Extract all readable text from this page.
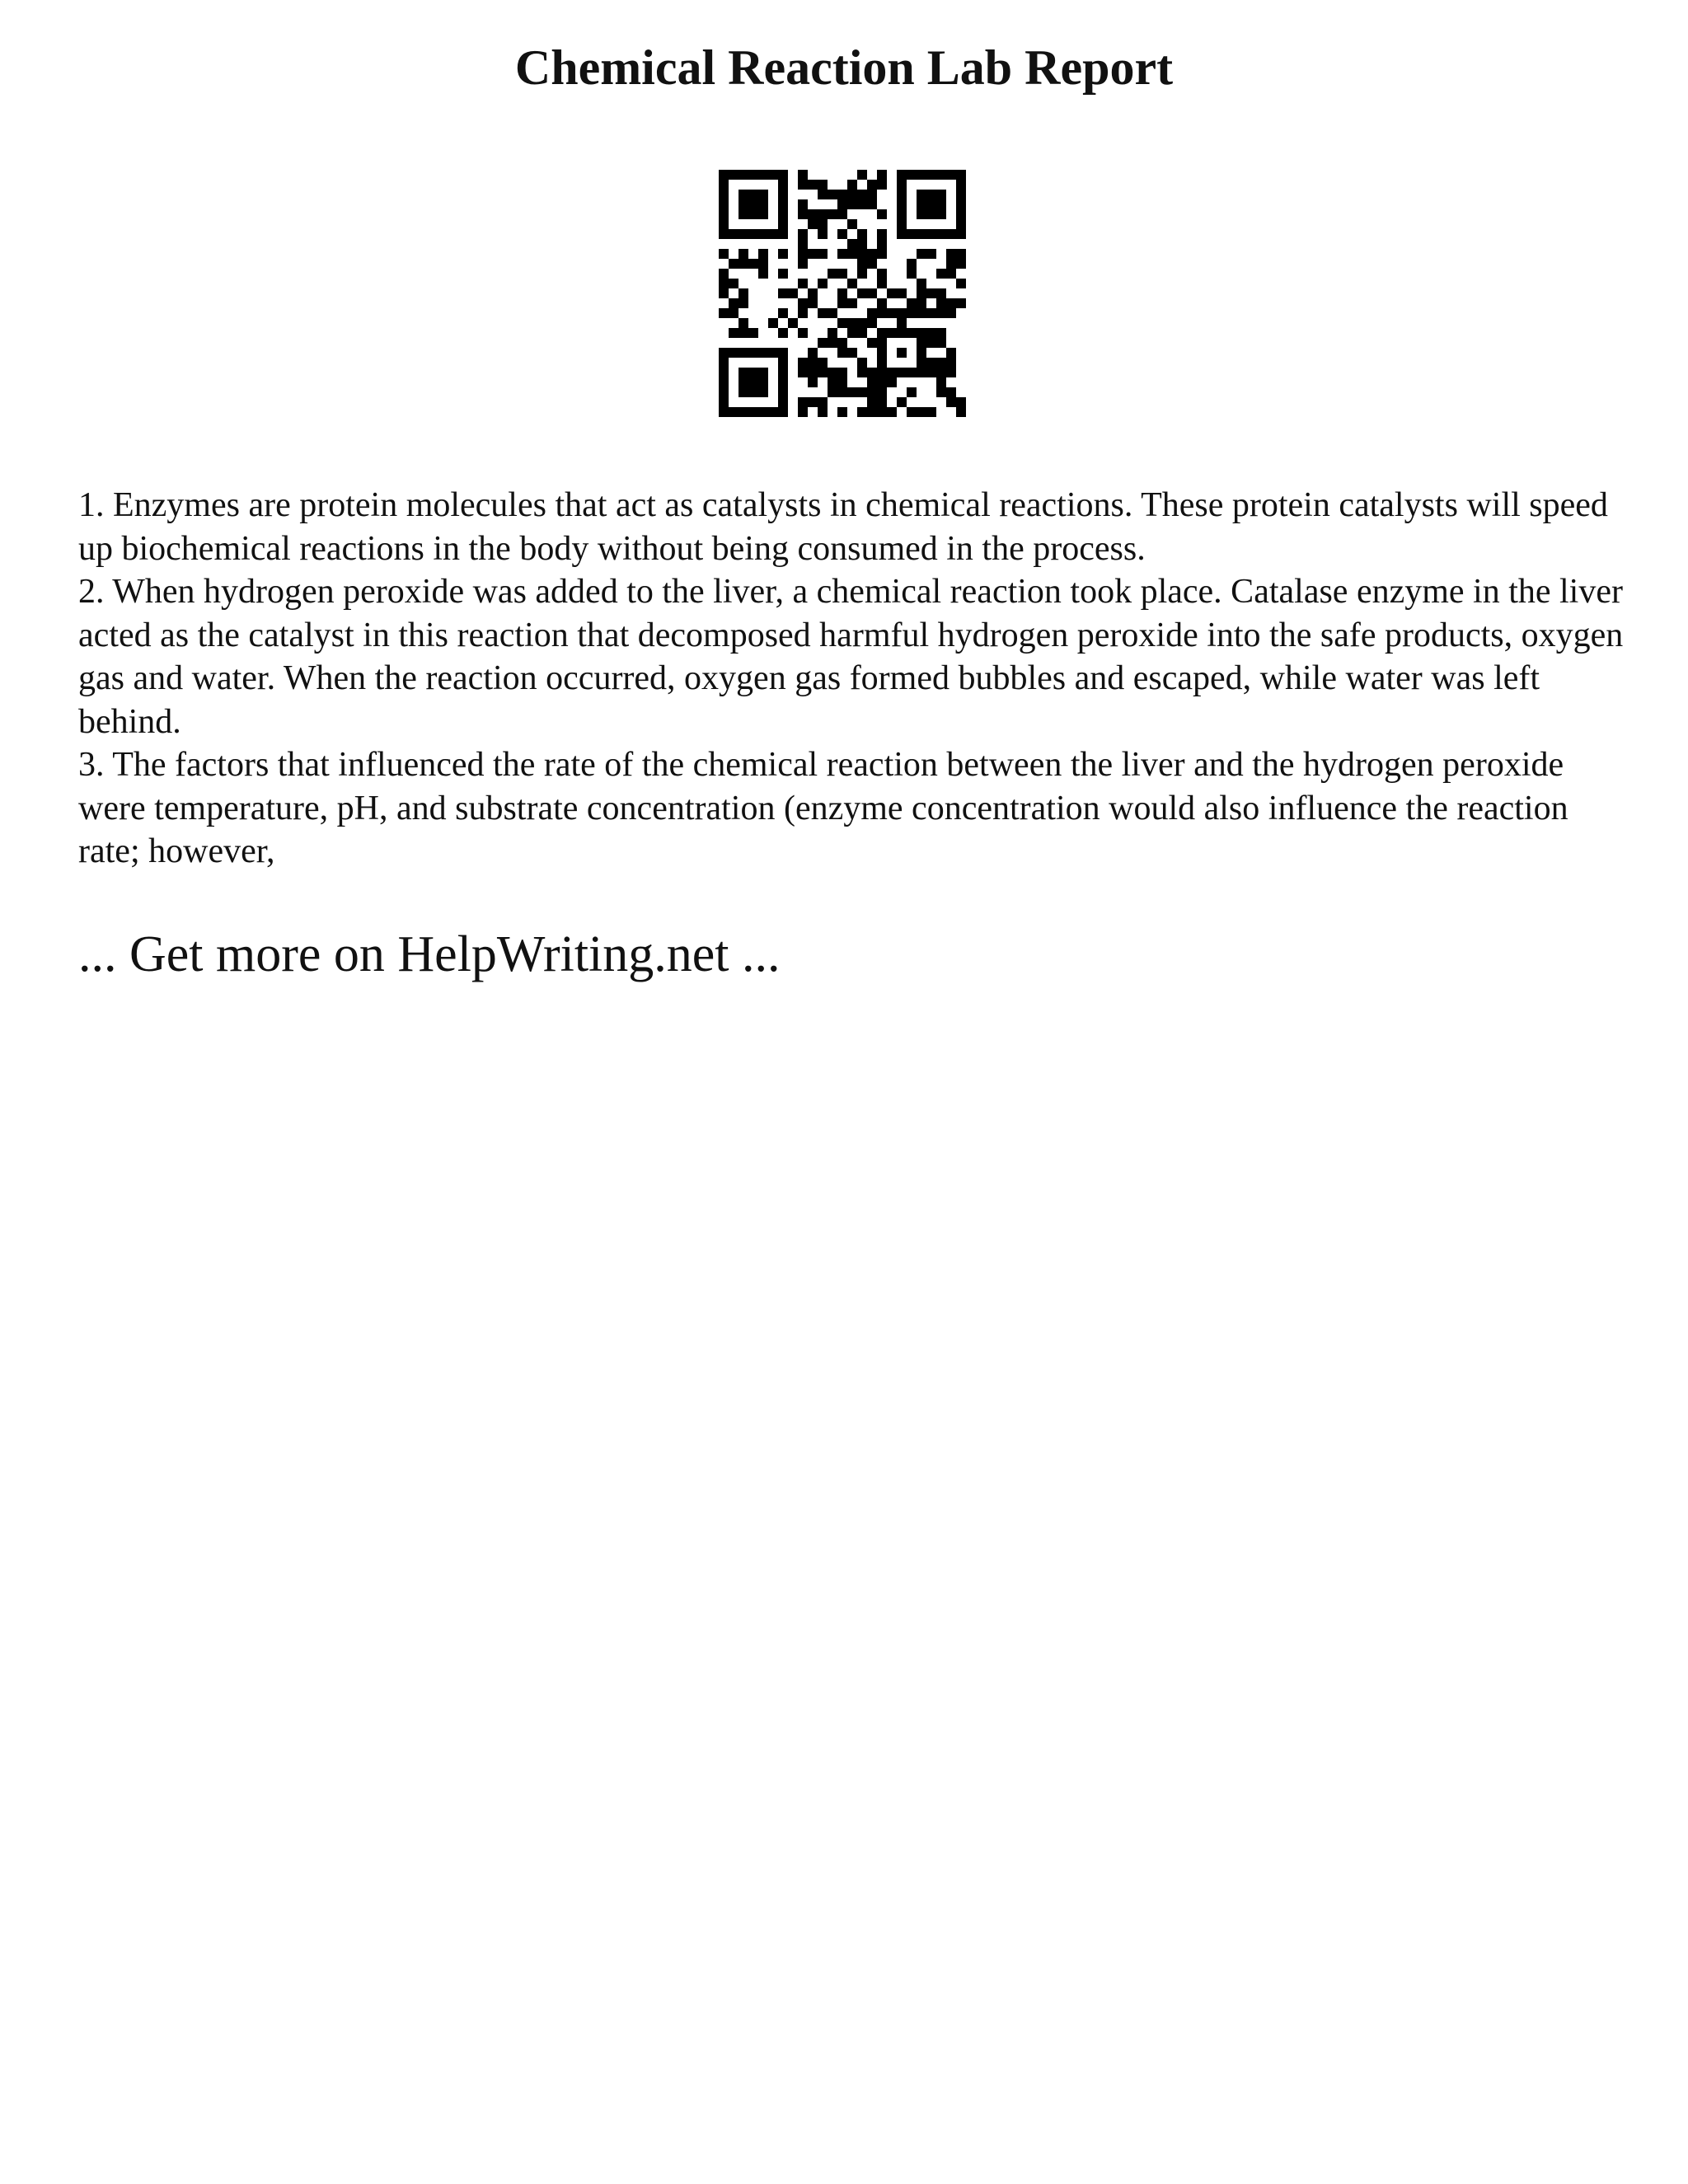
Chemical Reaction Lab Report

1. Enzymes are protein molecules that act as catalysts in chemical reactions. These protein catalysts will speed up biochemical reactions in the body without being consumed in the process.

2. When hydrogen peroxide was added to the liver, a chemical reaction took place. Catalase enzyme in the liver acted as the catalyst in this reaction that decomposed harmful hydrogen peroxide into the safe products, oxygen gas and water. When the reaction occurred, oxygen gas formed bubbles and escaped, while water was left behind.

3. The factors that influenced the rate of the chemical reaction between the liver and the hydrogen peroxide were temperature, pH, and substrate concentration (enzyme concentration would also influence the reaction rate; however,

... Get more on HelpWriting.net ...
